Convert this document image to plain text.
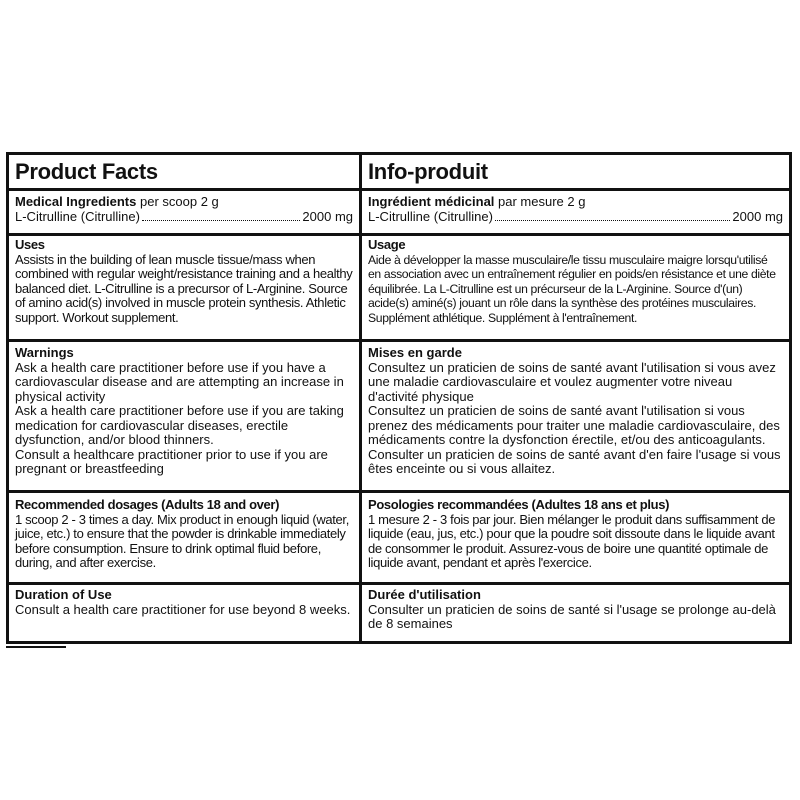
Product Facts

Medical Ingredients per scoop 2 g

L-Citrulline (Citrulline)	2000 mg

Uses

Assists in the building of lean muscle tissue/mass when combined with regular weight/resistance training and a healthy balanced diet. L-Citrulline is a precursor of L-Arginine. Source of amino acid(s) involved in muscle protein synthesis. Athletic support. Workout supplement.

Warnings

Ask a health care practitioner before use if you have a cardiovascular disease and are attempting an increase in physical activity

Ask a health care practitioner before use if you are taking medication for cardiovascular diseases, erectile dysfunction, and/or blood thinners.

Consult a healthcare practitioner prior to use if you are pregnant or breastfeeding

Recommended dosages (Adults 18 and over)

1 scoop 2 - 3 times a day. Mix product in enough liquid (water, juice, etc.) to ensure that the powder is drinkable immediately before consumption. Ensure to drink optimal fluid before, during, and after exercise.

Duration of Use

Consult a health care practitioner for use beyond 8 weeks.

Info-produit

Ingrédient médicinal par mesure 2 g

L-Citrulline (Citrulline)	2000 mg

Usage

Aide à développer la masse musculaire/le tissu musculaire maigre lorsqu'utilisé en association avec un entraînement régulier en poids/en résistance et une diète équilibrée. La L-Citrulline est un précurseur de la L-Arginine. Source d'(un) acide(s) aminé(s) jouant un rôle dans la synthèse des protéines musculaires. Supplément athlétique. Supplément à l'entraînement.

Mises en garde

Consultez un praticien de soins de santé avant l'utilisation si vous avez une maladie cardiovasculaire et voulez augmenter votre niveau d'activité physique

Consultez un praticien de soins de santé avant l'utilisation si vous prenez des médicaments pour traiter une maladie cardiovasculaire, des médicaments contre la dysfonction érectile, et/ou des anticoagulants.

Consulter un praticien de soins de santé avant d'en faire l'usage si vous êtes enceinte ou si vous allaitez.

Posologies recommandées (Adultes 18 ans et plus)

1 mesure 2 - 3 fois par jour. Bien mélanger le produit dans suffisamment de liquide (eau, jus, etc.) pour que la poudre soit dissoute dans le liquide avant de consommer le produit. Assurez-vous de boire une quantité optimale de liquide avant, pendant et après l'exercice.

Durée d'utilisation

Consulter un praticien de soins de santé si l'usage se prolonge au-delà de 8 semaines
